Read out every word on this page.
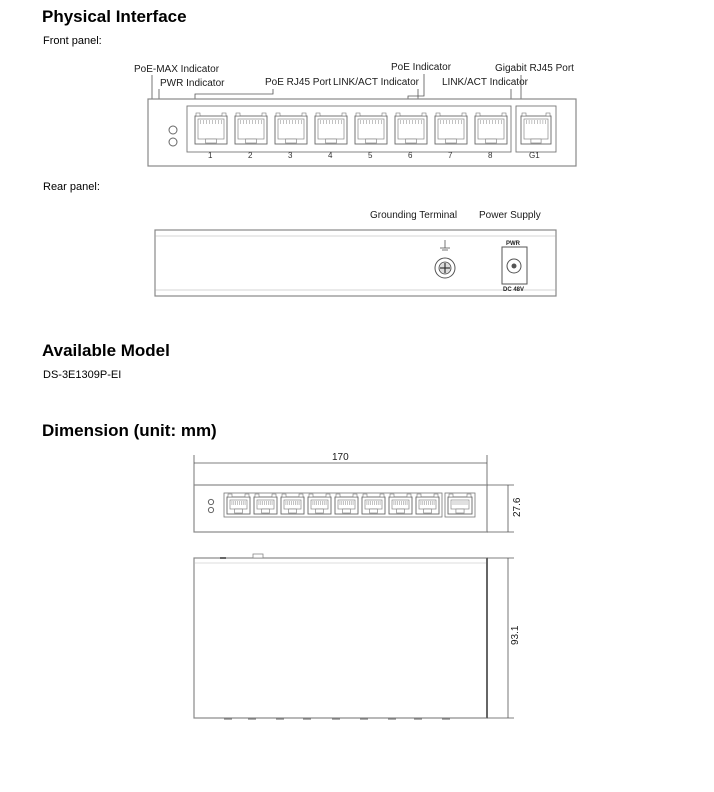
Physical Interface
Front panel:
PoE-MAX Indicator
PWR Indicator	PoE RJ45 Port LINK/ACT Indicator
PoE Indicator
LINK/ACT Indicator
Gigabit RJ45 Port
1	2	3	4	5	6	7	8	G1
Rear panel:
Grounding Terminal Power Supply
PWR
DC 48V
Available Model
DS-3E1309P-EI
Dimension (unit: mm)
170
27.6
93.1
